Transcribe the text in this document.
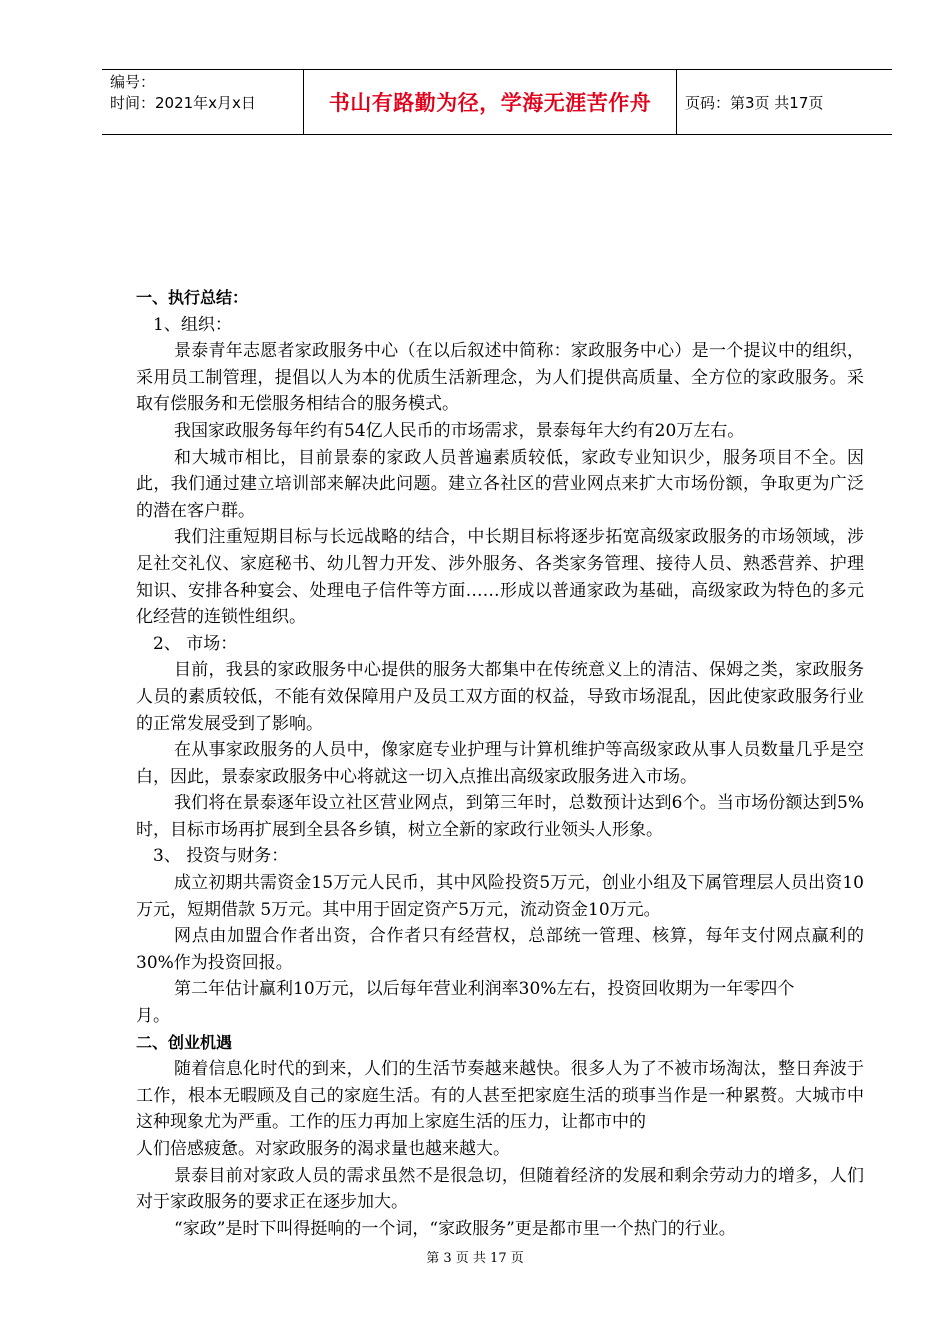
编号：
时间：2021年x月x日	书山有路勤为径，学海无涯苦作舟	页码：第3页 共17页

一、执行总结：

1、组织：

景泰青年志愿者家政服务中心（在以后叙述中简称：家政服务中心）是一个提议中的组织，采用员工制管理，提倡以人为本的优质生活新理念，为人们提供高质量、全方位的家政服务。采取有偿服务和无偿服务相结合的服务模式。

我国家政服务每年约有54亿人民币的市场需求，景泰每年大约有20万左右。

和大城市相比，目前景泰的家政人员普遍素质较低，家政专业知识少，服务项目不全。因此，我们通过建立培训部来解决此问题。建立各社区的营业网点来扩大市场份额，争取更为广泛的潜在客户群。

我们注重短期目标与长远战略的结合，中长期目标将逐步拓宽高级家政服务的市场领域，涉足社交礼仪、家庭秘书、幼儿智力开发、涉外服务、各类家务管理、接待人员、熟悉营养、护理知识、安排各种宴会、处理电子信件等方面……形成以普通家政为基础，高级家政为特色的多元化经营的连锁性组织。

2、 市场：

目前，我县的家政服务中心提供的服务大都集中在传统意义上的清洁、保姆之类，家政服务人员的素质较低，不能有效保障用户及员工双方面的权益，导致市场混乱，因此使家政服务行业的正常发展受到了影响。

在从事家政服务的人员中，像家庭专业护理与计算机维护等高级家政从事人员数量几乎是空白，因此，景泰家政服务中心将就这一切入点推出高级家政服务进入市场。

我们将在景泰逐年设立社区营业网点，到第三年时，总数预计达到6个。当市场份额达到5%时，目标市场再扩展到全县各乡镇，树立全新的家政行业领头人形象。

3、 投资与财务：

成立初期共需资金15万元人民币，其中风险投资5万元，创业小组及下属管理层人员出资10万元，短期借款 5万元。其中用于固定资产5万元，流动资金10万元。

网点由加盟合作者出资，合作者只有经营权，总部统一管理、核算，每年支付网点赢利的30%作为投资回报。

第二年估计赢利10万元，以后每年营业利润率30%左右，投资回收期为一年零四个

月。

二、创业机遇

随着信息化时代的到来，人们的生活节奏越来越快。很多人为了不被市场淘汰，整日奔波于工作，根本无暇顾及自己的家庭生活。有的人甚至把家庭生活的琐事当作是一种累赘。大城市中这种现象尤为严重。工作的压力再加上家庭生活的压力，让都市中的

人们倍感疲惫。对家政服务的渴求量也越来越大。

景泰目前对家政人员的需求虽然不是很急切，但随着经济的发展和剩余劳动力的增多，人们对于家政服务的要求正在逐步加大。

“家政”是时下叫得挺响的一个词，“家政服务”更是都市里一个热门的行业。

第 3 页 共 17 页
